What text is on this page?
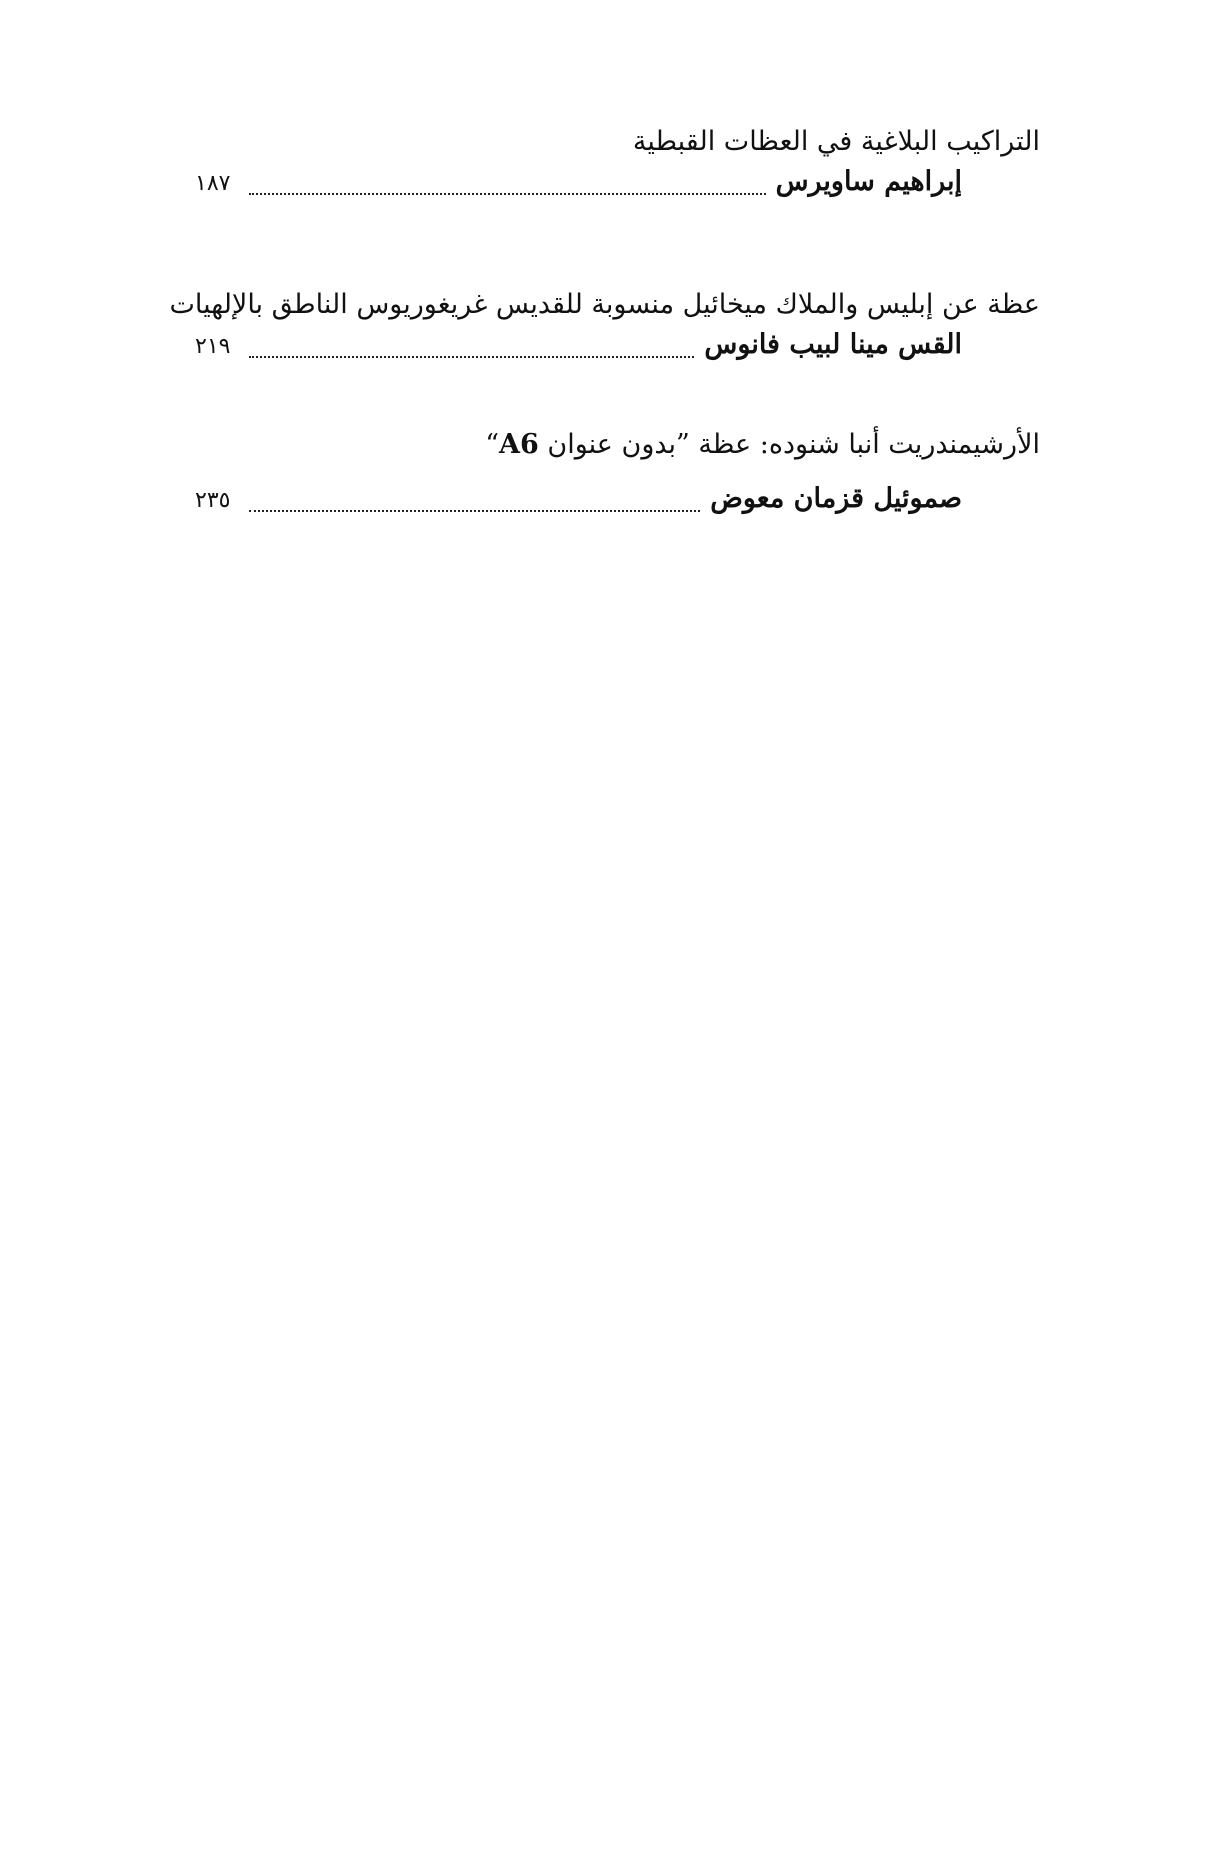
التراكيب البلاغية في العظات القبطية
إبراهيم ساويرس
١٨٧
عظة عن إبليس والملاك ميخائيل منسوبة للقديس غريغوريوس الناطق بالإلهيات
القس مينا لبيب فانوس
٢١٩
الأرشيمندريت أنبا شنوده: عظة ”بدون عنوان A6“
صموئيل قزمان معوض
٢٣٥
